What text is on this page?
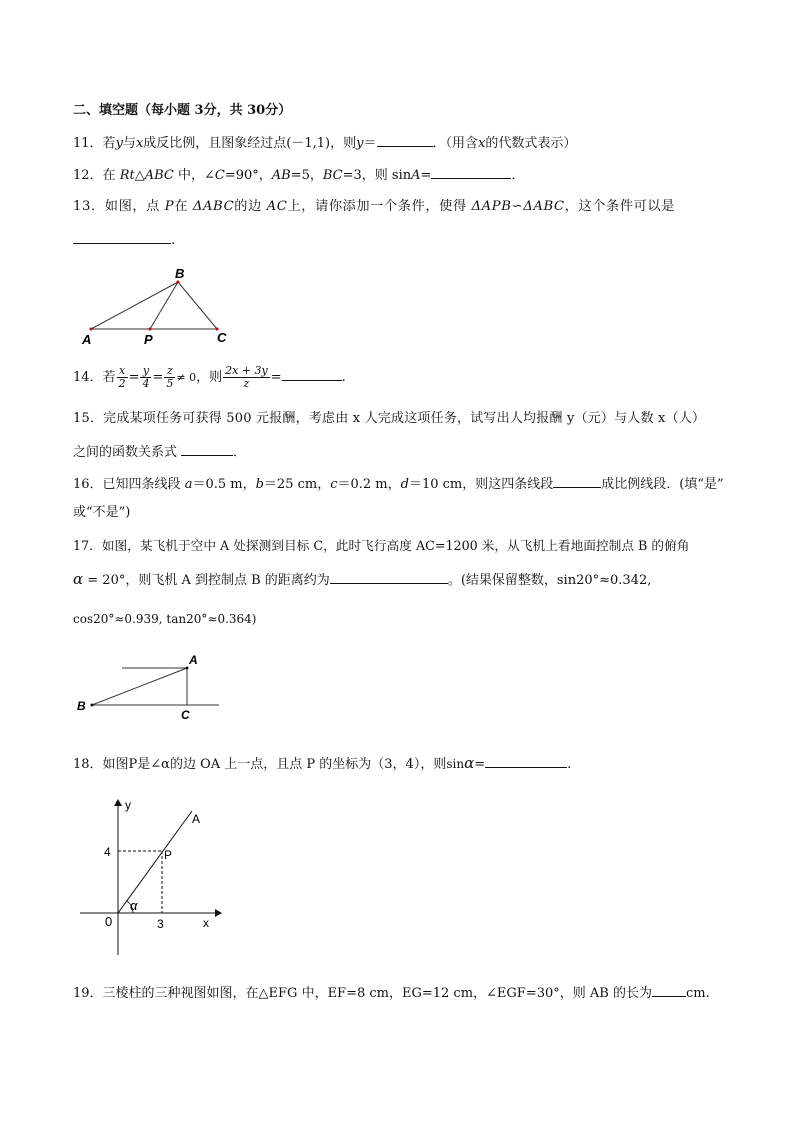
二、填空题（每小题 3分，共 30分）
11．若y与x成反比例，且图象经过点(－1,1)，则y＝	．（用含x的代数式表示）
12．在 Rt△ABC 中，∠C=90°，AB=5，BC=3，则 sinA=	．
13．如图，点 P在 ΔABC的边 AC上，请你添加一个条件，使得 ΔAPB∽ΔABC，这个条件可以是
.
A
B
C
P
14．若 $\frac{x}{2} = \frac{y}{4} = \frac{z}{5} \ne 0$，则 $\frac{2x + 3y}{z}$ =	.
15．完成某项任务可获得 500 元报酬，考虑由 x 人完成这项任务，试写出人均报酬 y（元）与人数 x（人）
之间的函数关系式	．
16．已知四条线段 a＝0.5 m，b＝25 cm，c＝0.2 m，d＝10 cm，则这四条线段	成比例线段．(填“是”
或“不是”)
17．如图，某飞机于空中 A 处探测到目标 C，此时飞行高度 AC=1200 米，从飞机上看地面控制点 B 的俯角
α = 20°，则飞机 A 到控制点 B 的距离约为	。(结果保留整数，sin20°≈0.342,
cos20°≈0.939, tan20°≈0.364)
A
B
C
18．如图P是∠α的边 OA 上一点，且点 P 的坐标为（3，4），则sinα=	.
y
x
A
P
0
α
3
4
19．三棱柱的三种视图如图，在△EFG 中，EF=8 cm，EG=12 cm，∠EGF=30°，则 AB 的长为	cm.
